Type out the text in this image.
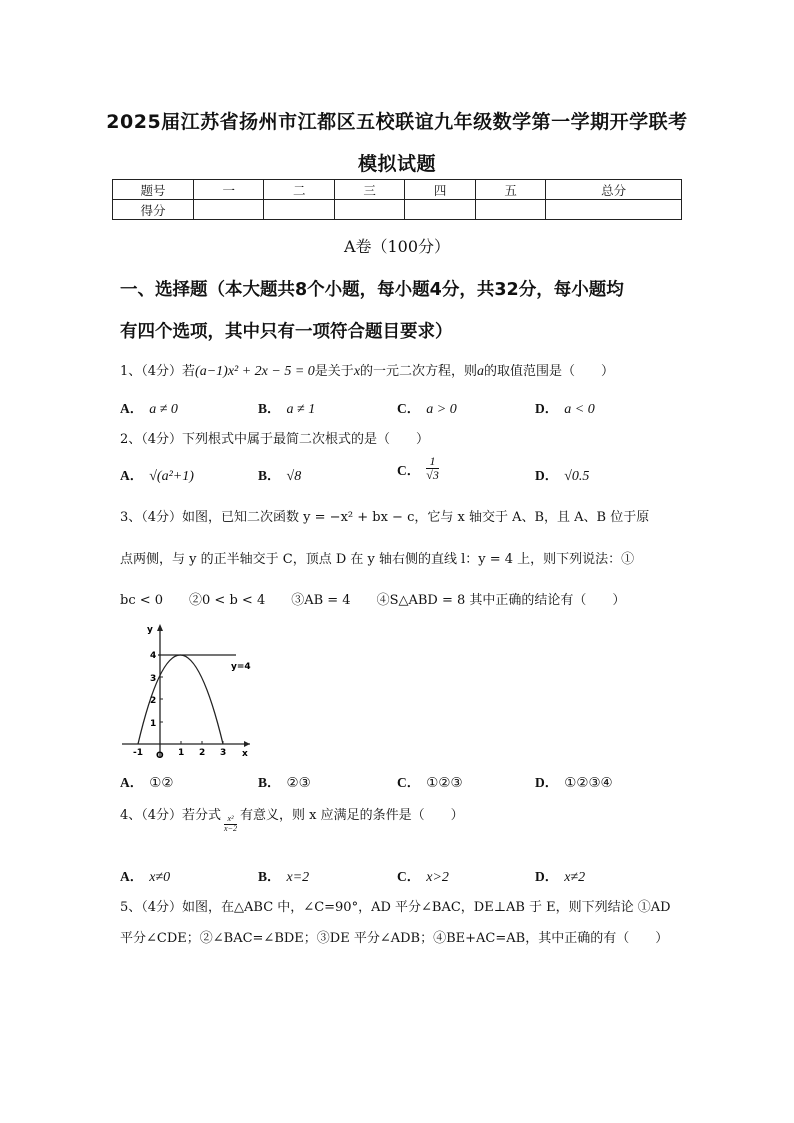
2025届江苏省扬州市江都区五校联谊九年级数学第一学期开学联考
模拟试题
题号	一	二	三	四	五	总分
得分						
A卷（100分）
一、选择题（本大题共8个小题，每小题4分，共32分，每小题均
有四个选项，其中只有一项符合题目要求）
1、（4分）若(a−1)x² + 2x − 5 = 0是关于x的一元二次方程，则a的取值范围是（　　）
A． a ≠ 0	B． a ≠ 1	C． a > 0	D． a < 0
2、（4分）下列根式中属于最简二次根式的是（　　）
A． √(a²+1)	B． √8	C． $\frac{1}{√3}$	D． √0.5
3、（4分）如图，已知二次函数 y = −x² + bx − c，它与 x 轴交于 A、B，且 A、B 位于原
点两侧，与 y 的正半轴交于 C，顶点 D 在 y 轴右侧的直线 l：y = 4 上，则下列说法：①
bc < 0　　②0 < b < 4　　③AB = 4　　④S△ABD = 8 其中正确的结论有（　　）
y
x
O
y=4
-1	1 2 3
1
2
3
4
A． ①②	B． ②③	C． ①②③	D． ①②③④
4、（4分）若分式 $\frac{\text{x²}}{x-2}$ 有意义，则 x 应满足的条件是（　　）
A． x≠0	B． x=2	C． x>2	D． x≠2
5、（4分）如图，在△ABC 中，∠C=90°，AD 平分∠BAC，DE⊥AB 于 E，则下列结论 ①AD
平分∠CDE；②∠BAC=∠BDE；③DE 平分∠ADB；④BE+AC=AB，其中正确的有（　　）
